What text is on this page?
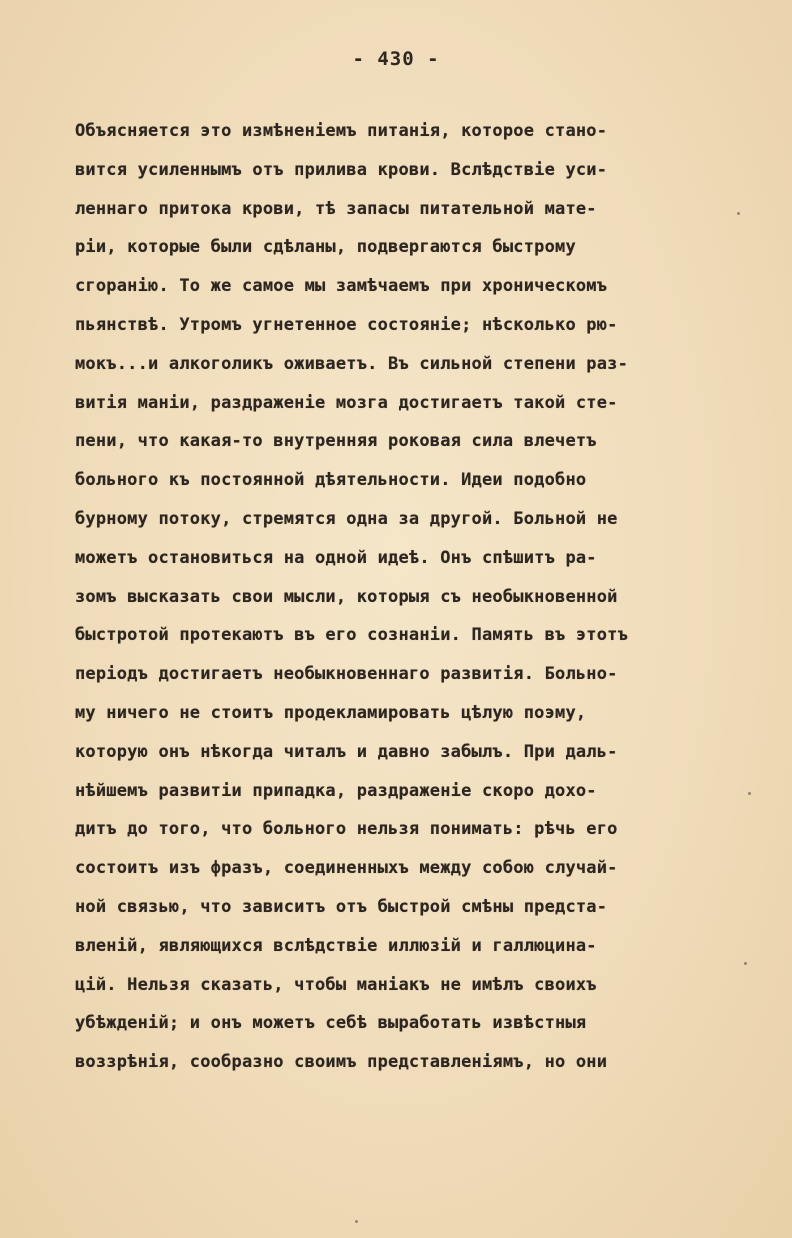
- 430 -
Объясняется это измѣненiемъ питанiя, которое стано-
вится усиленнымъ отъ прилива крови. Вслѣдствiе уси-
леннаго притока крови, тѣ запасы питательной мате-
рiи, которые были сдѣланы, подвергаются быстрому
сгоранiю. То же самое мы замѣчаемъ при хроническомъ
пьянствѣ. Утромъ угнетенное состоянiе; нѣсколько рю-
мокъ...и алкоголикъ оживаетъ. Въ сильной степени раз-
витiя манiи, раздраженiе мозга достигаетъ такой сте-
пени, что какая-то внутренняя роковая сила влечетъ
больного къ постоянной дѣятельности. Идеи подобно
бурному потоку, стремятся одна за другой. Больной не
можетъ остановиться на одной идеѣ. Онъ спѣшитъ ра-
зомъ высказать свои мысли, которыя съ необыкновенной
быстротой протекаютъ въ его сознанiи. Память въ этотъ
перiодъ достигаетъ необыкновеннаго развитiя. Больно-
му ничего не стоитъ продекламировать цѣлую поэму,
которую онъ нѣкогда читалъ и давно забылъ. При даль-
нѣйшемъ развитiи припадка, раздраженiе скоро дохо-
дитъ до того, что больного нельзя понимать: рѣчь его
состоитъ изъ фразъ, соединенныхъ между собою случай-
ной связью, что зависитъ отъ быстрой смѣны предста-
вленiй, являющихся вслѣдствiе иллюзiй и галлюцина-
цiй. Нельзя сказать, чтобы манiакъ не имѣлъ своихъ
убѣжденiй; и онъ можетъ себѣ выработать извѣстныя
воззрѣнiя, сообразно своимъ представленiямъ, но они
